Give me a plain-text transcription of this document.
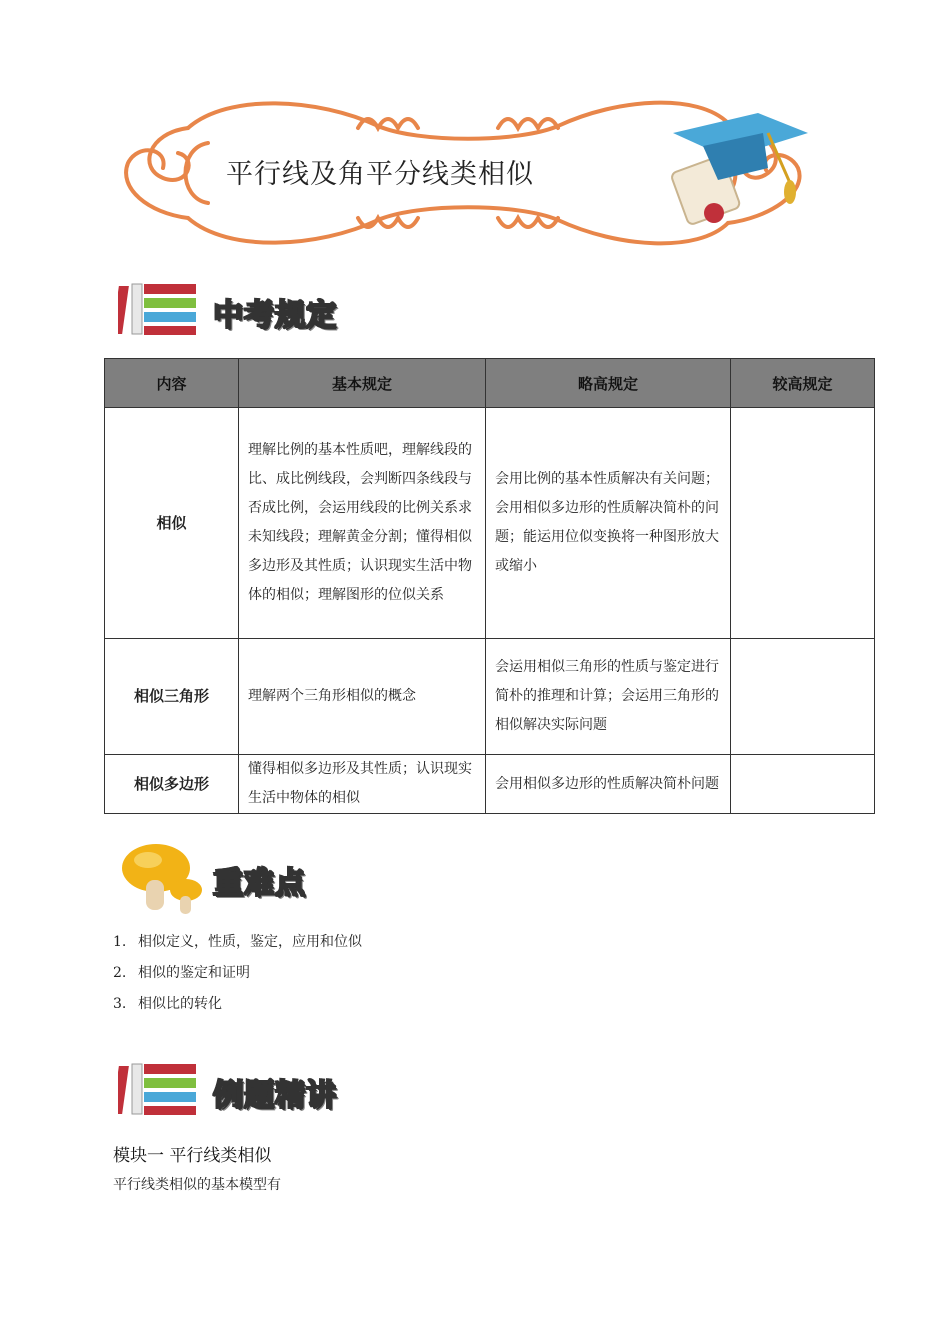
平行线及角平分线类相似
中考规定
内容	基本规定	略高规定	较高规定
相似	理解比例的基本性质吧，理解线段的比、成比例线段，会判断四条线段与否成比例，会运用线段的比例关系求未知线段；理解黄金分割；懂得相似多边形及其性质；认识现实生活中物体的相似；理解图形的位似关系	会用比例的基本性质解决有关问题；会用相似多边形的性质解决简朴的问题；能运用位似变换将一种图形放大或缩小	
相似三角形	理解两个三角形相似的概念	会运用相似三角形的性质与鉴定进行简朴的推理和计算；会运用三角形的相似解决实际问题	
相似多边形	懂得相似多边形及其性质；认识现实生活中物体的相似	会用相似多边形的性质解决简朴问题	
重难点
1. 相似定义，性质，鉴定，应用和位似
2. 相似的鉴定和证明
3. 相似比的转化
例题精讲
模块一 平行线类相似
平行线类相似的基本模型有
